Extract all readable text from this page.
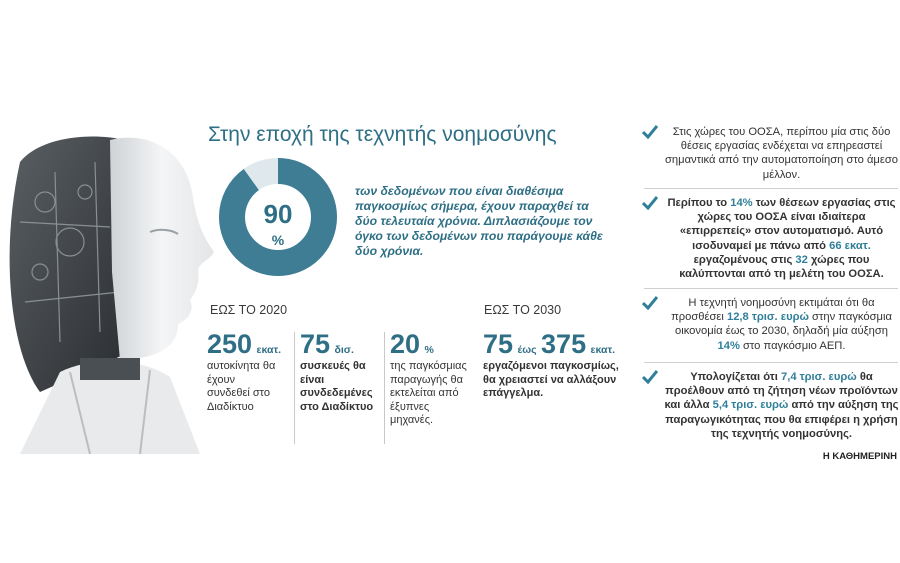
Στην εποχή της τεχνητής νοημοσύνης
90
%
των δεδομένων που είναι διαθέσιμα παγκοσμίως σήμερα, έχουν παραχθεί τα δύο τελευταία χρόνια. Διπλασιάζουμε τον όγκο των δεδομένων που παράγουμε κάθε δύο χρόνια.
ΕΩΣ ΤΟ 2020
250 εκατ.
αυτοκίνητα θα έχουν συνδεθεί στο Διαδίκτυο
75 δισ.
συσκευές θα είναι συνδεδεμένες στο Διαδίκτυο
20 %
της παγκόσμιας παραγωγής θα εκτελείται από έξυπνες μηχανές.
ΕΩΣ ΤΟ 2030
75 έως 375 εκατ.
εργαζόμενοι παγκοσμίως, θα χρειαστεί να αλλάξουν επάγγελμα.
Στις χώρες του ΟΟΣΑ, περίπου μία στις δύο θέσεις εργασίας ενδέχεται να επηρεαστεί σημαντικά από την αυτοματοποίηση στο άμεσο μέλλον.
Περίπου το 14% των θέσεων εργασίας στις χώρες του ΟΟΣΑ είναι ιδιαίτερα «επιρρεπείς» στον αυτοματισμό. Αυτό ισοδυναμεί με πάνω από 66 εκατ. εργαζομένους στις 32 χώρες που καλύπτονται από τη μελέτη του ΟΟΣΑ.
Η τεχνητή νοημοσύνη εκτιμάται ότι θα προσθέσει 12,8 τρισ. ευρώ στην παγκόσμια οικονομία έως το 2030, δηλαδή μία αύξηση 14% στο παγκόσμιο ΑΕΠ.
Υπολογίζεται ότι 7,4 τρισ. ευρώ θα προέλθουν από τη ζήτηση νέων προϊόντων και άλλα 5,4 τρισ. ευρώ από την αύξηση της παραγωγικότητας που θα επιφέρει η χρήση της τεχνητής νοημοσύνης.
Η ΚΑΘΗΜΕΡΙΝΗ
